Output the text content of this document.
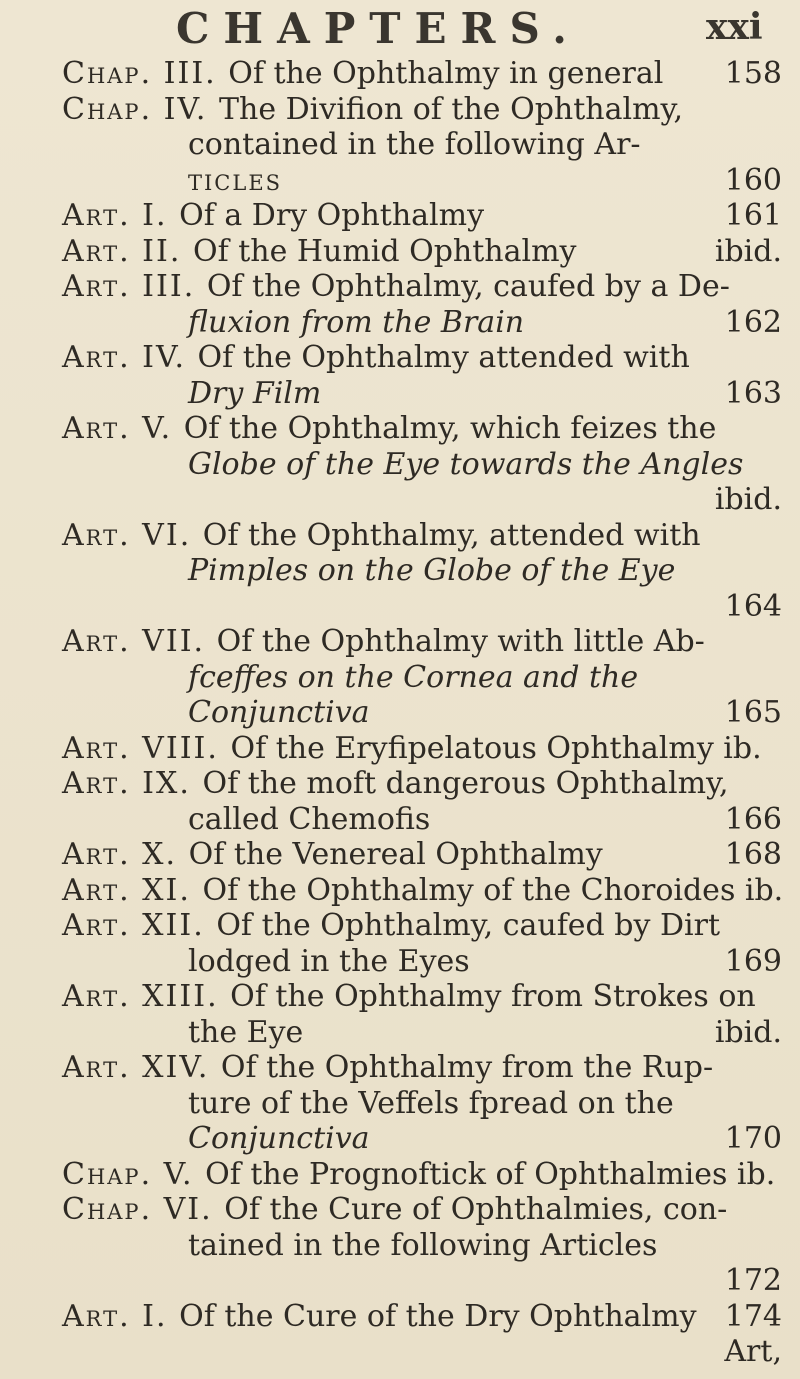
CHAPTERS.	xxi
Chap. III. Of the Ophthalmy in general 158
Chap. IV. The Divifion of the Ophthalmy,
contained in the following Ar-
ticles	160
Art. I. Of a Dry Ophthalmy	161
Art. II. Of the Humid Ophthalmy	ibid.
Art. III. Of the Ophthalmy, caufed by a De-
fluxion from the Brain	162
Art. IV. Of the Ophthalmy attended with
Dry Film	163
Art. V. Of the Ophthalmy, which feizes the
Globe of the Eye towards the Angles
ibid.
Art. VI. Of the Ophthalmy, attended with
Pimples on the Globe of the Eye
164
Art. VII. Of the Ophthalmy with little Ab-
fceffes on the Cornea and the
Conjunctiva	165
Art. VIII. Of the Eryfipelatous Ophthalmy ib.
Art. IX. Of the moft dangerous Ophthalmy,
called Chemofis	166
Art. X. Of the Venereal Ophthalmy	168
Art. XI. Of the Ophthalmy of the Choroides ib.
Art. XII. Of the Ophthalmy, caufed by Dirt
lodged in the Eyes	169
Art. XIII. Of the Ophthalmy from Strokes on
the Eye	ibid.
Art. XIV. Of the Ophthalmy from the Rup-
ture of the Veffels fpread on the
Conjunctiva	170
Chap. V. Of the Prognoftick of Ophthalmies ib.
Chap. VI. Of the Cure of Ophthalmies, con-
tained in the following Articles
172
Art. I. Of the Cure of the Dry Ophthalmy 174
Art,
